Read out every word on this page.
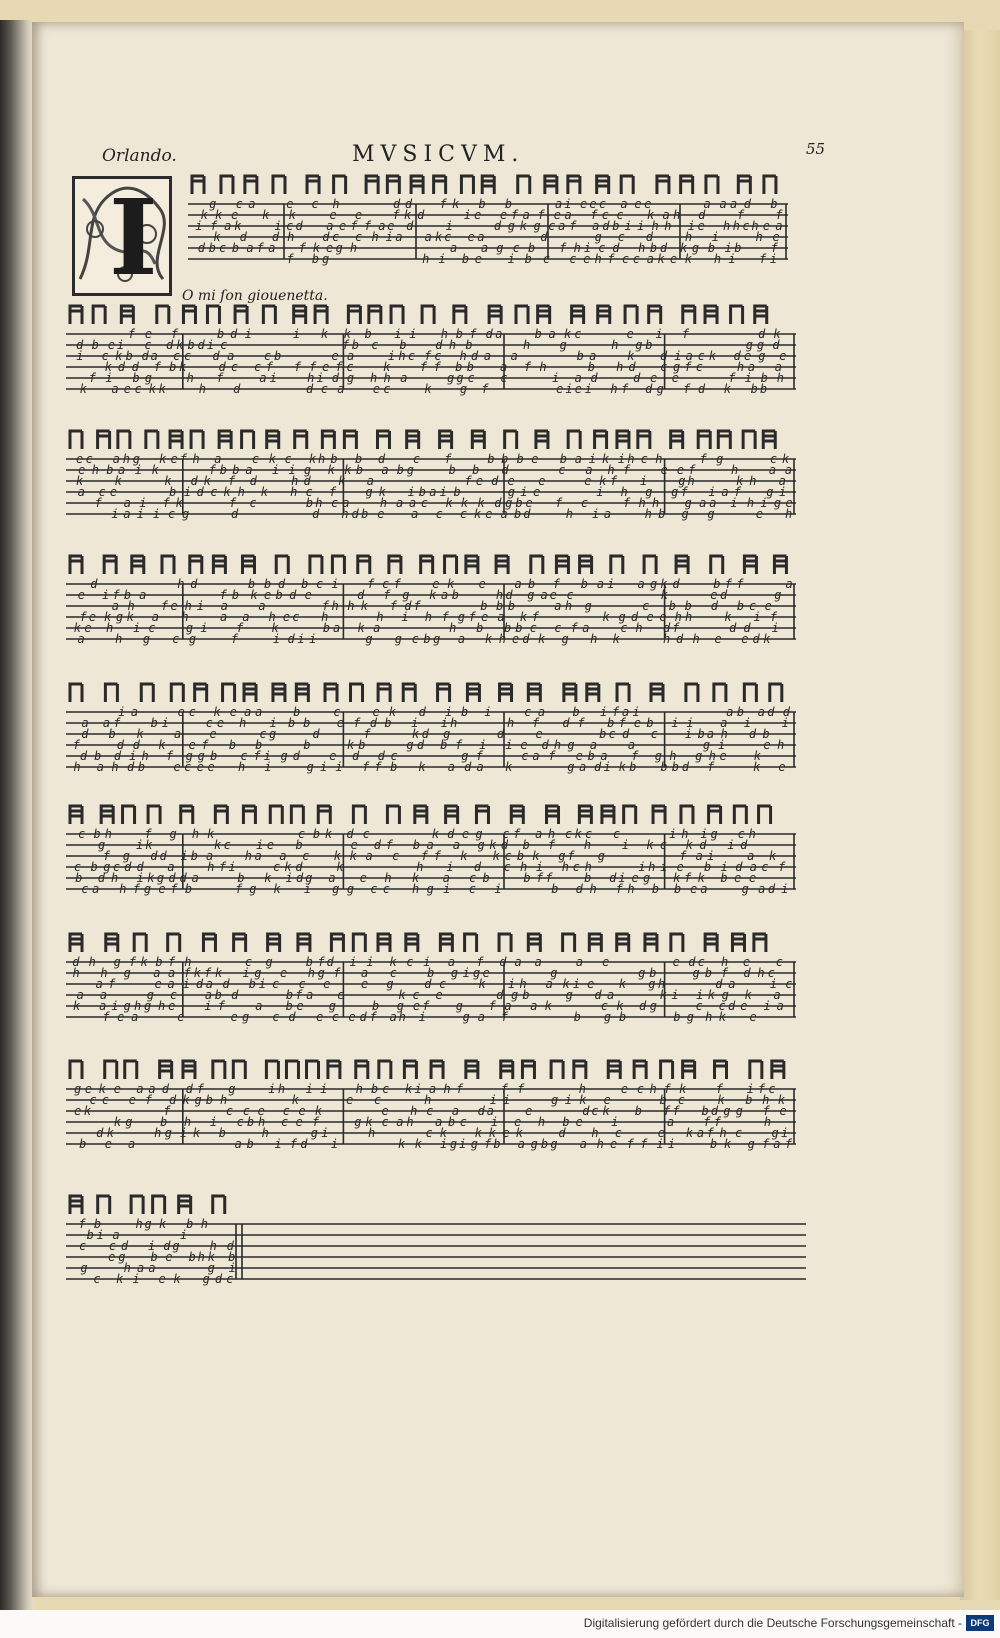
Orlando.	MVSICVM.	55
I O mi ſon giouenetta.
g c a	e c h	d d f k b b	a i e e c a e e	a a a d b
k k e k k	e e	f k d	i e e f a f e a f c c k a h d	f	f
i f a k	i c d a e f f a e d	i	d g k g c a f a d b i i h h i e h h c h e a
k d d h d c c h i a a k c e a	d	g c d	h i	h e
d b c b a f a f k e g h	a a g c b f h i c d h b d k g b i b f
f b g	h i b e i b c c e h f c c a k e k h i f i
f e f	b d i	i k k b i i h b f d a	b a k c	e i f	d k
d b e i c d k b d i c	f b c b d h b	h g	h g b	g g d
i c k b d a c c d a c b	e a	i h c f c h d a a	b a	k d i a c k d e g e
k d d f b k	d c c f f f e f c k f f b b a f h	b h d c g f c	h a a
f i b g	h f	a i	h i d g h h a	g g c c	i a d	d e e	f i b h
k a e c k k	h d	d c a e c	k g f	e i e i h f d g f d k b b
e c a h g k e f h a	c k c k h b b d c f	b b b e b a i k i h c h	f g	c k
e h b a i k	f b b a i i g k k b a b g	b b d	c a h f	e e f	h	a a
k	k	k d k f d	h d k a	f e d e e	e k f i	g h	k h a
a c e	b i d c k h k h c f g k i b a i b	g i e	i h g g f i a f g i
f a i f k	f c	b h c a	h a a c k k k d g b e f c	f h h g a a i h i g e
i a i i c g	d	d h d b e a c c k e a b d	h i a	h b g g	e h
d	h d	b b d b c i f c f	e k e a b f b a i a g k d	b f f	a
e i f b a	f b k e b d e	d f g k a b	h d g a e c	k	e d	g
a h f e h i a	a	f h h k f d f	b b b	a h g	c b b d b c e
f e k g k a h	a a h e c h	h i h f g f e a k f	k g d e e h h	k i f
k e h i c	g i f k	b a k a	h b b b c c f a	c h d f	d d i
a	h g c g	f	i d i i	g g c b g a k h e d k g h k	h d h e e d k
i a	e c k e a a	b	c	e k d i b i	c a b i f a i	a b a d d
a a f	b i	c e h i b b e f d b i i h	h f d f b f e b i i a i	i
d b k	a e	c g	d	f	k d g	d	e	b c d c i b a h d b
f	d d k e f b b	b	k b	g d b f i i e d h g a	a	g i	e h
d b d i h f g g b c f i g d e d d c	g f	c a f e b a f g h g h e k
h a h d b e c e e h i	g i i f f b k a d a k	g a d i k b b b d f	k e
c b h	f g h k	c b k d c	k d e g c f a h c k c c	i h i g c h
g	i k	k c i e b	e d f b a a g k d b f h	i k c k d i d
f g d d i b a	h a a c k k a c f f k k c b k g f g	f a i	a k
c b g c d d a	h f i	c k d	k	h i d c h i h c h	i h i e b i d a c f
b d h i k g d d a	b k i d g a e h k a c b	b f f	b d i e g k f k b e e
c a h f g e f b	f g k i g g c c h g i c i	b d h f h b b e a	g a d i
d h g f k b f h	c g	b f d i i k c i a f d a a	a e	e d c h e c
h h g a a f k f k i g e h g f a c	b g i g e	g	g b	g b f d h c
a f	e a i d a d b i c c e	e g	d c	k i h a k i e k g h	d a	i c
a a	g c a b d	b f a c	k c e	d g b	g d a	k i i k g k a
k a i g h g h e i f	a b e g	b g e f g f a a k	c k d g	c c d e i a
f e a	e	e g c d e c e d f a h i	g a f	b g b	b g h k e
g e k e a a d d f g	i h i i h b c k i a h f	f f	h	e c h f k f i f c
c c e f d k g b h	k	e c	h	i i	g i k e	b c	k b h k
e k	f	c c e c e k	e h c a d a	e	d c k b f f b d g g f e
k g b h i c b h c e f	g k c a h a b c i e h b e i	a f f	h
d k	h g i k b	h	g i	h	c k k k e k	d h c	e k a f h c g i
b e a	a b i f d i	k k i g i g f b a g b g a h e f f i i	b k g f a f
f b	h g k b h
b i a	i
c c d i d g	h d
e g b e b h k b
g	h a a	g i
c k i e k g d c
Digitalisierung gefördert durch die Deutsche Forschungsgemeinschaft - DFG
